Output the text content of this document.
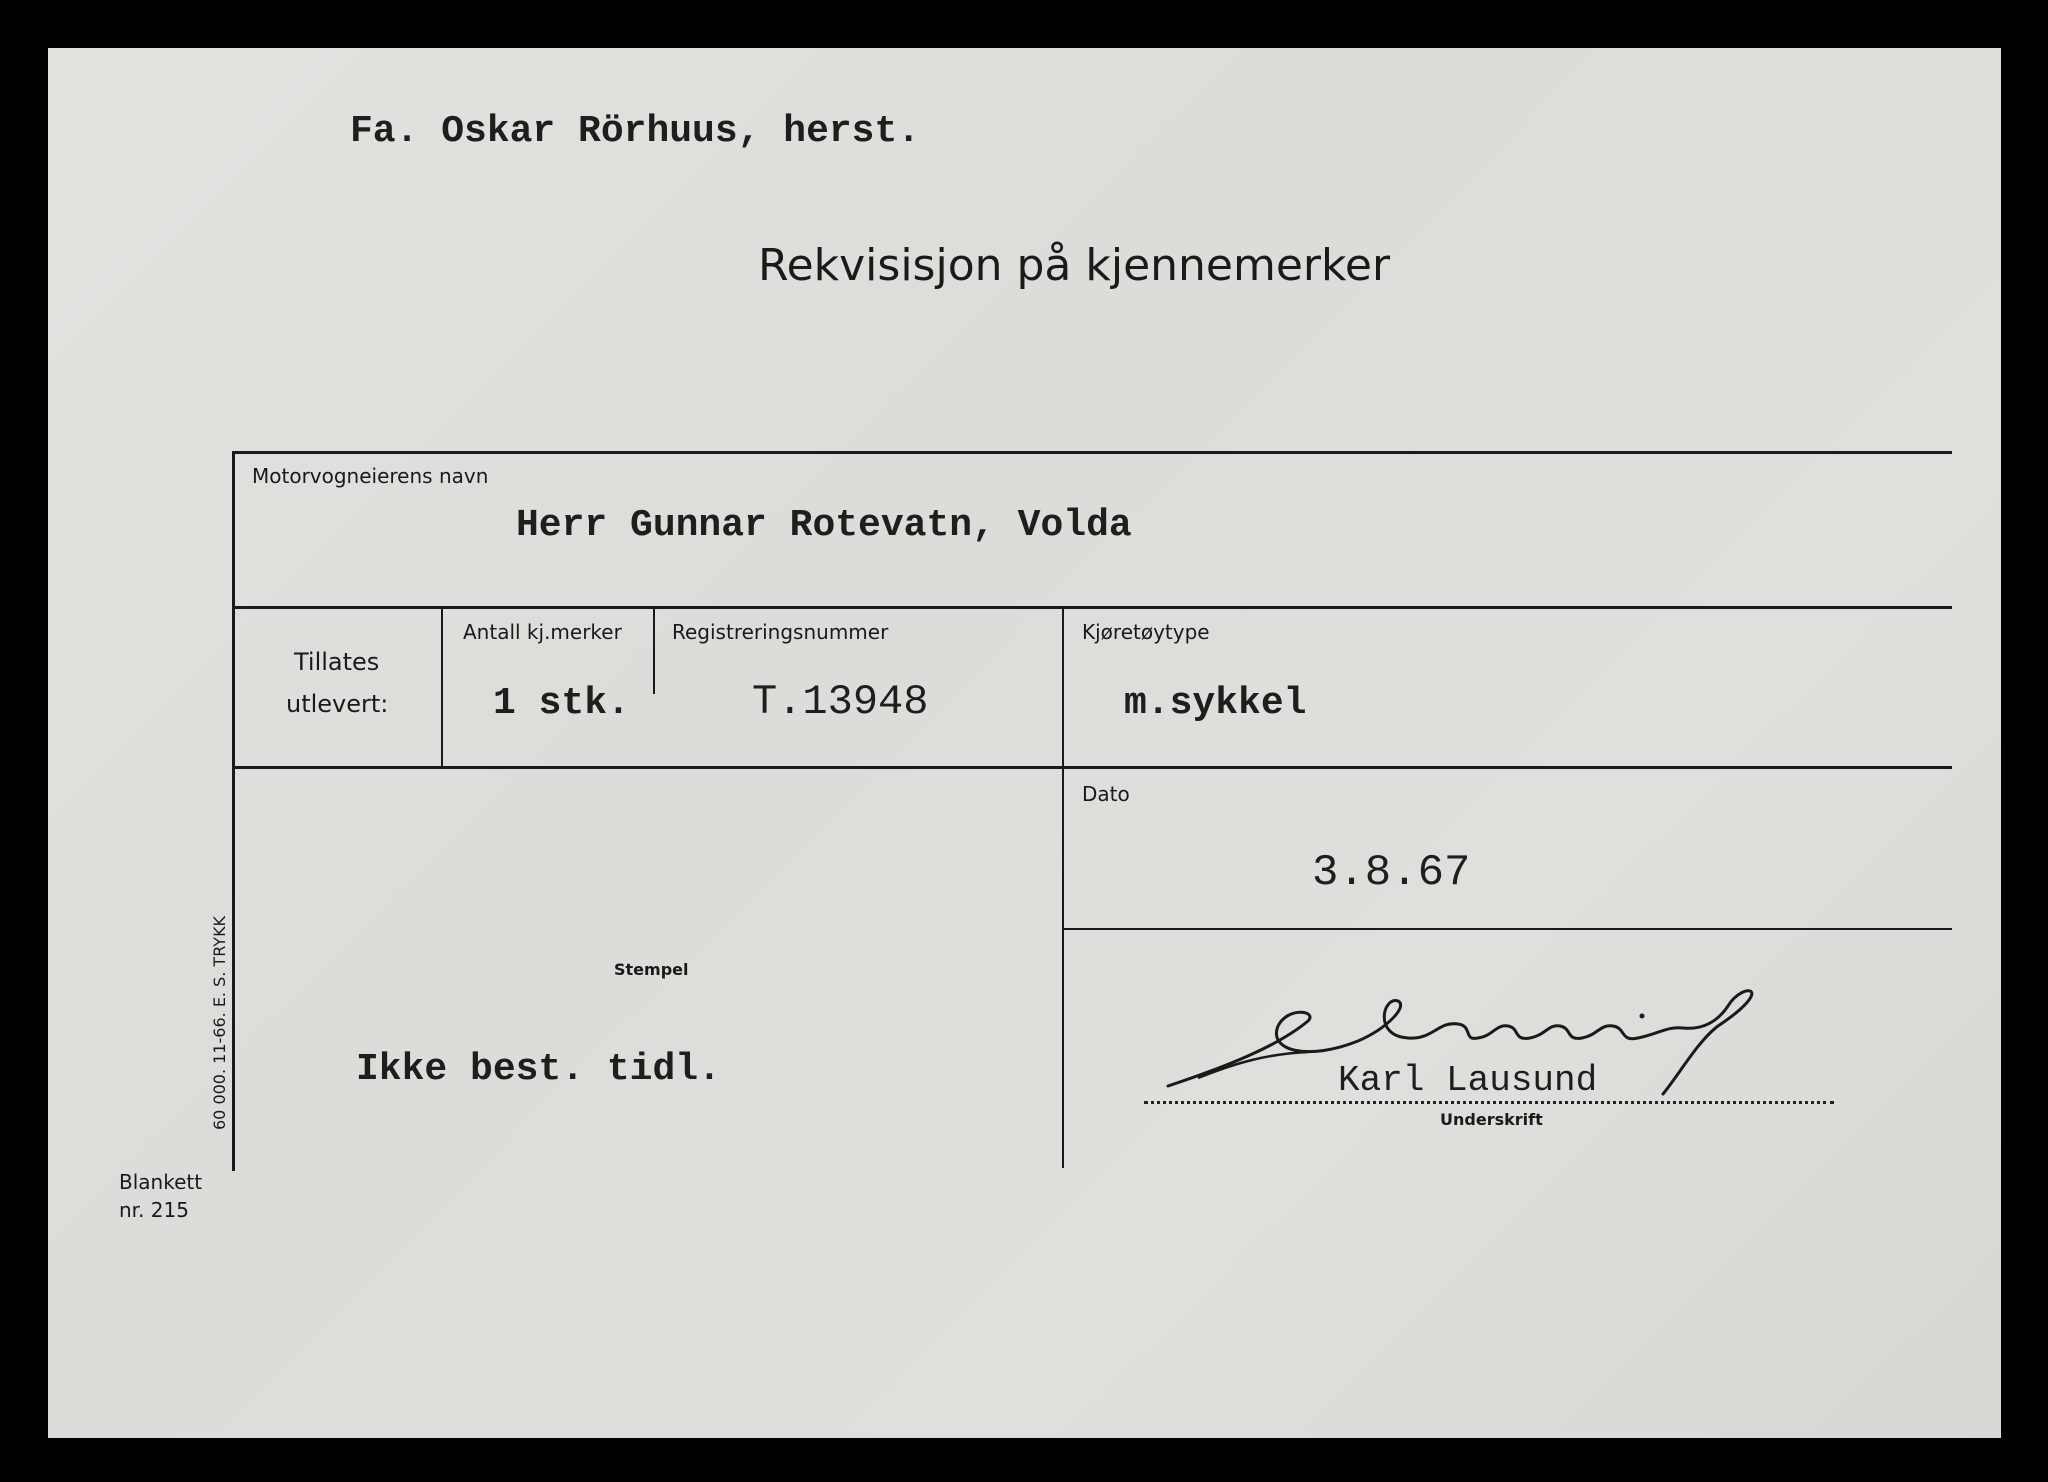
Fa. Oskar Rörhuus, herst.
Rekvisisjon på kjennemerker
Motorvogneierens navn
Herr Gunnar Rotevatn, Volda
Tillates
utlevert:
Antall kj.merker
1 stk.
Registreringsnummer
T.13948
Kjøretøytype
m.sykkel
Stempel
Ikke best. tidl.
Dato
3.8.67
Karl Lausund
Underskrift
60 000. 11-66. E. S. TRYKK
Blankett
nr. 215
